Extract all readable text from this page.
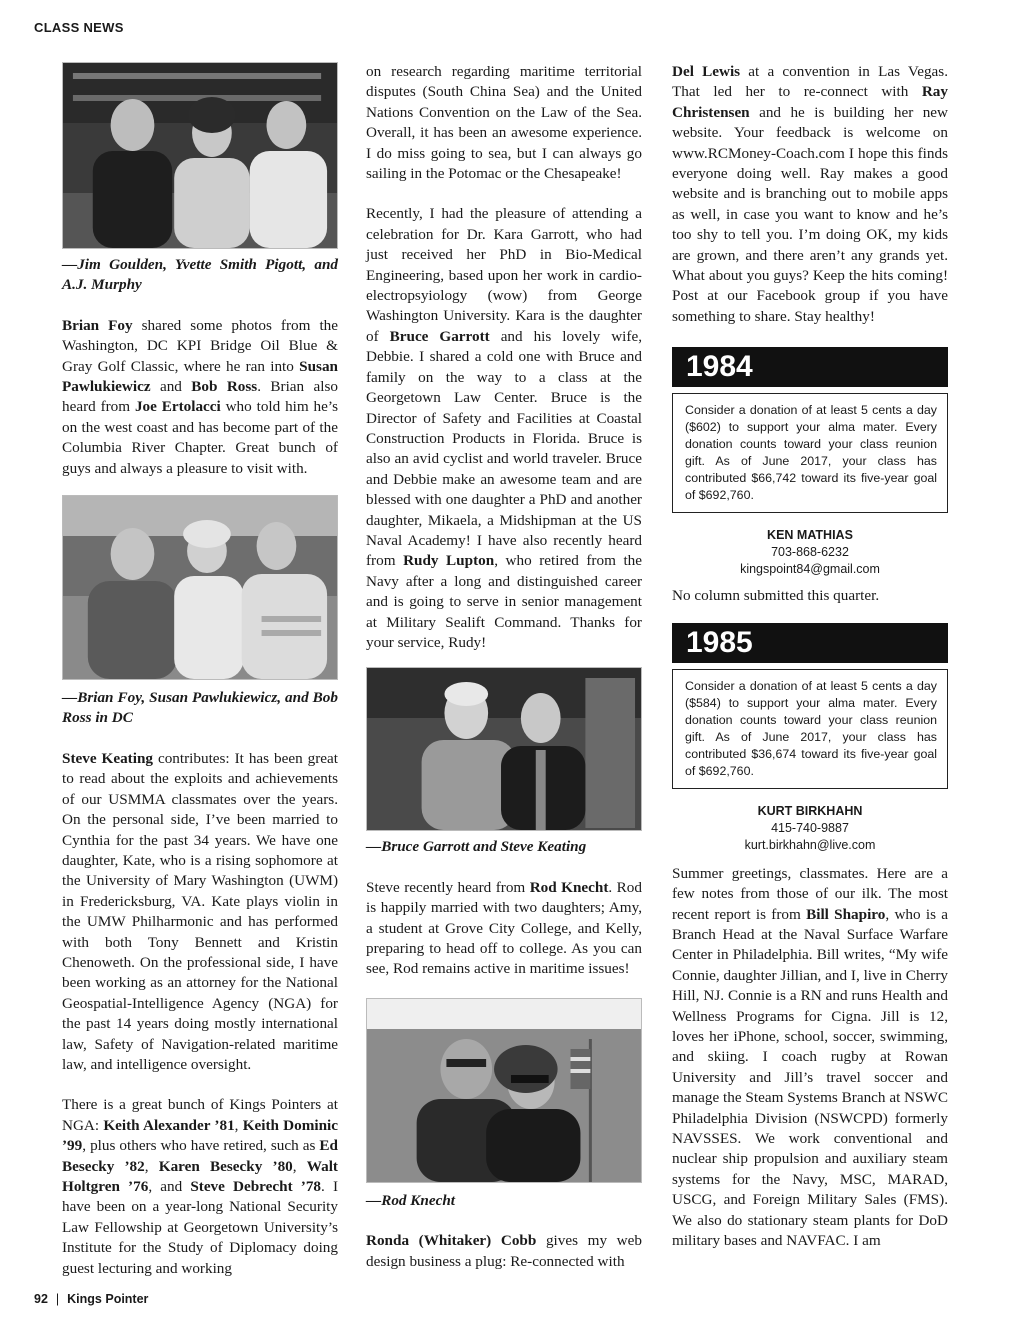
CLASS NEWS

—Jim Goulden, Yvette Smith Pigott, and A.J. Murphy

Brian Foy shared some photos from the Washington, DC KPI Bridge Oil Blue & Gray Golf Classic, where he ran into Susan Pawlukiewicz and Bob Ross. Brian also heard from Joe Ertolacci who told him he’s on the west coast and has become part of the Columbia River Chapter. Great bunch of guys and always a pleasure to visit with.

—Brian Foy, Susan Pawlukiewicz, and Bob Ross in DC

Steve Keating contributes: It has been great to read about the exploits and achievements of our USMMA classmates over the years. On the personal side, I’ve been married to Cynthia for the past 34 years. We have one daughter, Kate, who is a rising sophomore at the University of Mary Washington (UWM) in Fredericksburg, VA. Kate plays violin in the UMW Philharmonic and has performed with both Tony Bennett and Kristin Chenoweth. On the professional side, I have been working as an attorney for the National Geospatial-Intelligence Agency (NGA) for the past 14 years doing mostly international law, Safety of Navigation-related maritime law, and intelligence oversight.

There is a great bunch of Kings Pointers at NGA: Keith Alexander ’81, Keith Dominic ’99, plus others who have retired, such as Ed Besecky ’82, Karen Besecky ’80, Walt Holtgren ’76, and Steve Debrecht ’78. I have been on a year-long National Security Law Fellowship at Georgetown University’s Institute for the Study of Diplomacy doing guest lecturing and working

on research regarding maritime territorial disputes (South China Sea) and the United Nations Convention on the Law of the Sea. Overall, it has been an awesome experience. I do miss going to sea, but I can always go sailing in the Potomac or the Chesapeake!

Recently, I had the pleasure of attending a celebration for Dr. Kara Garrott, who had just received her PhD in Bio-Medical Engineering, based upon her work in cardio-electropsyiology (wow) from George Washington University. Kara is the daughter of Bruce Garrott and his lovely wife, Debbie. I shared a cold one with Bruce and family on the way to a class at the Georgetown Law Center. Bruce is the Director of Safety and Facilities at Coastal Construction Products in Florida. Bruce is also an avid cyclist and world traveler. Bruce and Debbie make an awesome team and are blessed with one daughter a PhD and another daughter, Mikaela, a Midshipman at the US Naval Academy! I have also recently heard from Rudy Lupton, who retired from the Navy after a long and distinguished career and is going to serve in senior management at Military Sealift Command. Thanks for your service, Rudy!

—Bruce Garrott and Steve Keating

Steve recently heard from Rod Knecht. Rod is happily married with two daughters; Amy, a student at Grove City College, and Kelly, preparing to head off to college. As you can see, Rod remains active in maritime issues!

—Rod Knecht

Ronda (Whitaker) Cobb gives my web design business a plug: Re-connected with

Del Lewis at a convention in Las Vegas. That led her to re-connect with Ray Christensen and he is building her new website. Your feedback is welcome on www.RCMoney-Coach.com I hope this finds everyone doing well. Ray makes a good website and is branching out to mobile apps as well, in case you want to know and he’s too shy to tell you. I’m doing OK, my kids are grown, and there aren’t any grands yet. What about you guys? Keep the hits coming! Post at our Facebook group if you have something to share. Stay healthy!

1984
Consider a donation of at least 5 cents a day ($602) to support your alma mater. Every donation counts toward your class reunion gift. As of June 2017, your class has contributed $66,742 toward its five-year goal of $692,760.
KEN MATHIAS
703-868-6232
kingspoint84@gmail.com

No column submitted this quarter.

1985
Consider a donation of at least 5 cents a day ($584) to support your alma mater. Every donation counts toward your class reunion gift. As of June 2017, your class has contributed $36,674 toward its five-year goal of $692,760.
KURT BIRKHAHN
415-740-9887
kurt.birkhahn@live.com

Summer greetings, classmates. Here are a few notes from those of our ilk. The most recent report is from Bill Shapiro, who is a Branch Head at the Naval Surface Warfare Center in Philadelphia. Bill writes, “My wife Connie, daughter Jillian, and I, live in Cherry Hill, NJ. Connie is a RN and runs Health and Wellness Programs for Cigna. Jill is 12, loves her iPhone, school, soccer, swimming, and skiing. I coach rugby at Rowan University and Jill’s travel soccer and manage the Steam Systems Branch at NSWC Philadelphia Division (NSWCPD) formerly NAVSSES. We work conventional and nuclear ship propulsion and auxiliary steam systems for the Navy, MSC, MARAD, USCG, and Foreign Military Sales (FMS). We also do stationary steam plants for DoD military bases and NAVFAC. I am

92 | Kings Pointer
